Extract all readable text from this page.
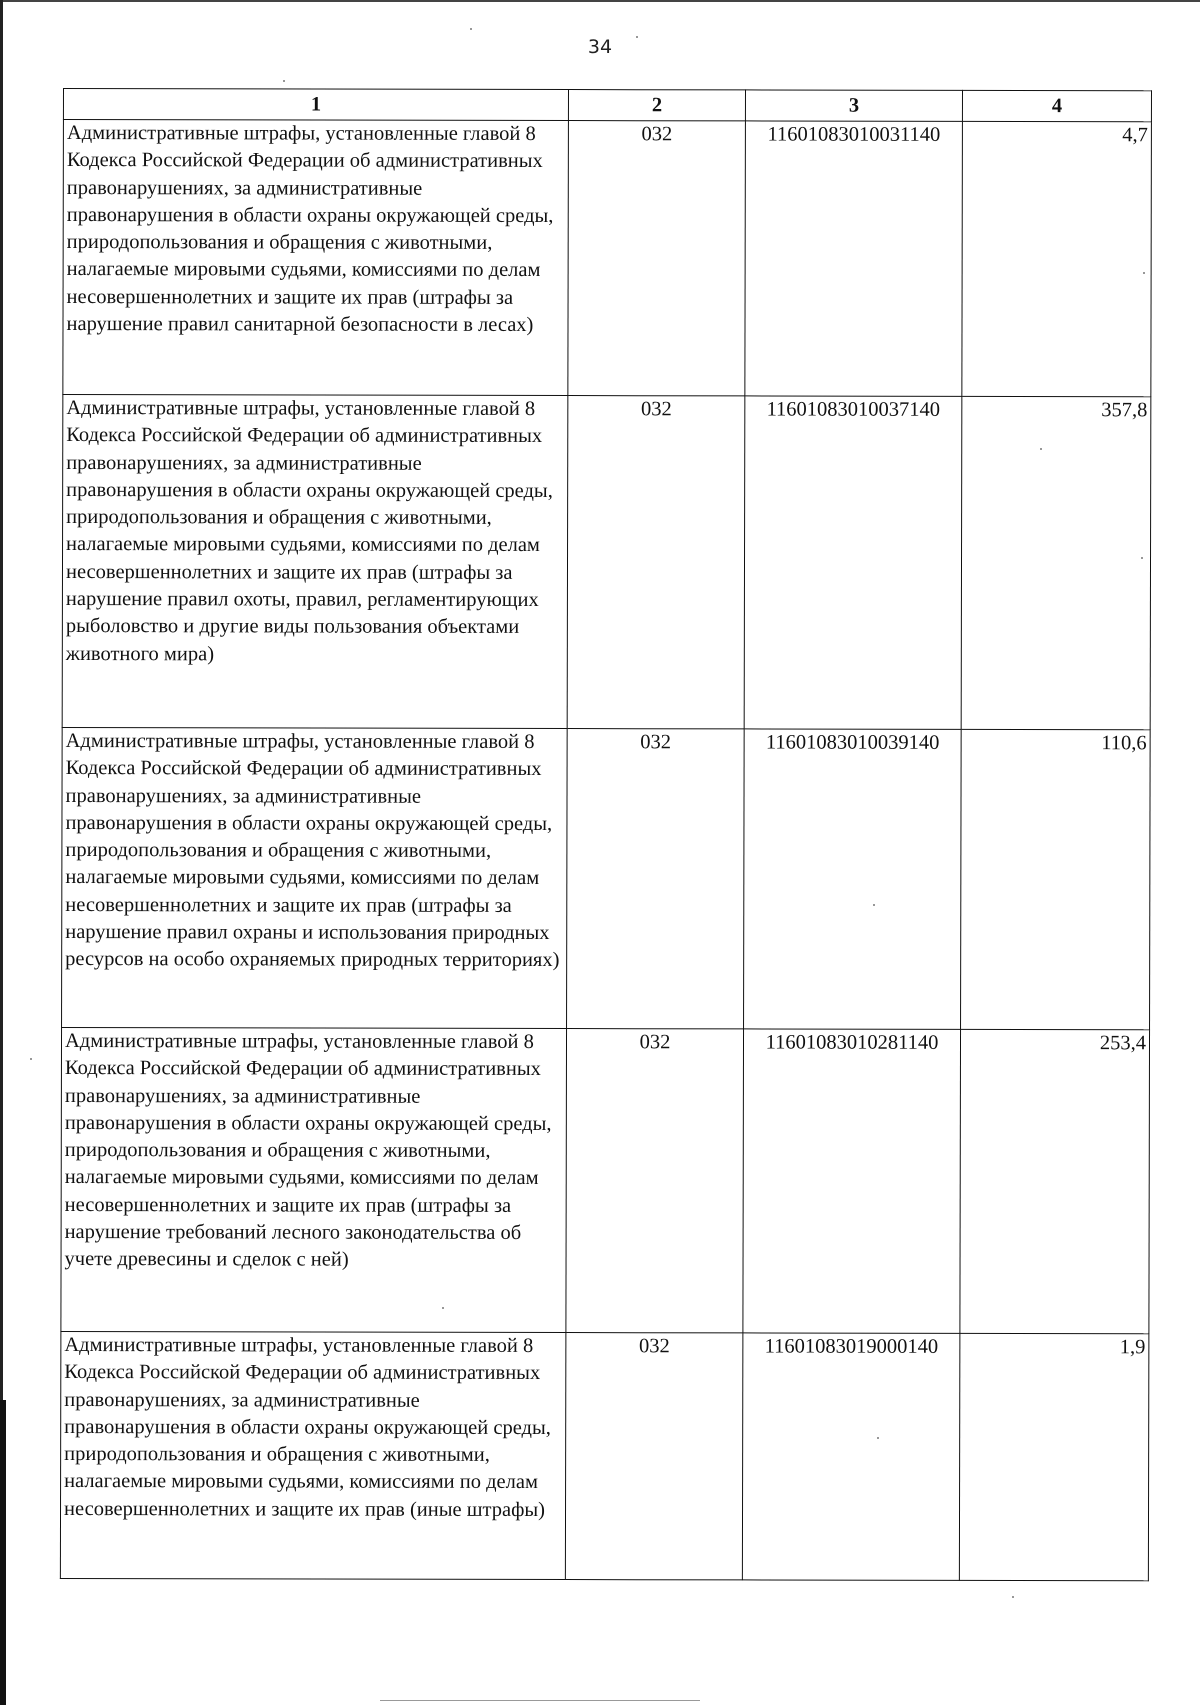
34
1	2	3	4
Административные штрафы, установленные главой 8 Кодекса Российской Федерации об административных правонарушениях, за административные правонарушения в области охраны окружающей среды, природопользования и обращения с животными, налагаемые мировыми судьями, комиссиями по делам несовершеннолетних и защите их прав (штрафы за нарушение правил санитарной безопасности в лесах)	032	11601083010031140	4,7
Административные штрафы, установленные главой 8 Кодекса Российской Федерации об административных правонарушениях, за административные правонарушения в области охраны окружающей среды, природопользования и обращения с животными, налагаемые мировыми судьями, комиссиями по делам несовершеннолетних и защите их прав (штрафы за нарушение правил охоты, правил, регламентирующих рыболовство и другие виды пользования объектами животного мира)	032	11601083010037140	357,8
Административные штрафы, установленные главой 8 Кодекса Российской Федерации об административных правонарушениях, за административные правонарушения в области охраны окружающей среды, природопользования и обращения с животными, налагаемые мировыми судьями, комиссиями по делам несовершеннолетних и защите их прав (штрафы за нарушение правил охраны и использования природных ресурсов на особо охраняемых природных территориях)	032	11601083010039140	110,6
Административные штрафы, установленные главой 8 Кодекса Российской Федерации об административных правонарушениях, за административные правонарушения в области охраны окружающей среды, природопользования и обращения с животными, налагаемые мировыми судьями, комиссиями по делам несовершеннолетних и защите их прав (штрафы за нарушение требований лесного законодательства об учете древесины и сделок с ней)	032	11601083010281140	253,4
Административные штрафы, установленные главой 8 Кодекса Российской Федерации об административных правонарушениях, за административные правонарушения в области охраны окружающей среды, природопользования и обращения с животными, налагаемые мировыми судьями, комиссиями по делам несовершеннолетних и защите их прав (иные штрафы)	032	11601083019000140	1,9
